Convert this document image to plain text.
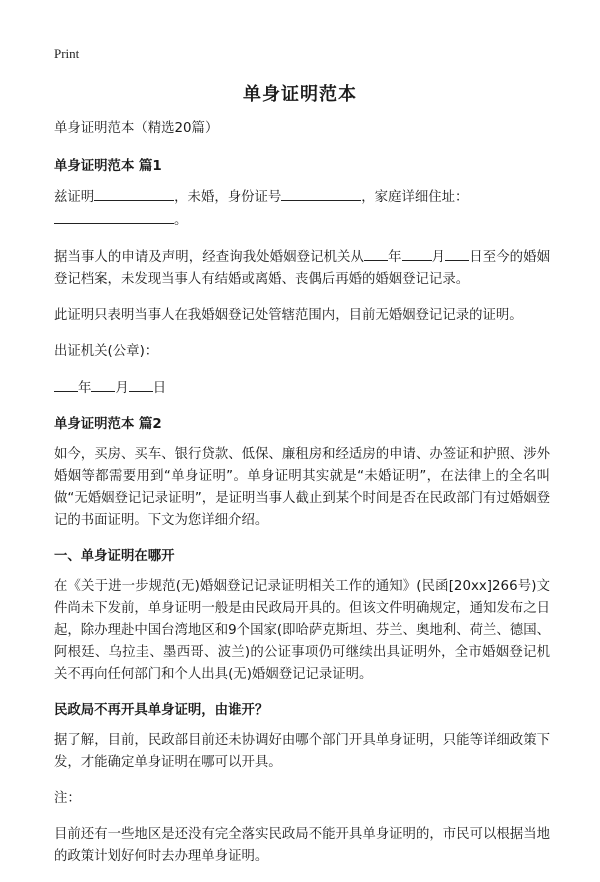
Print
单身证明范本

单身证明范本（精选20篇）

单身证明范本 篇1

兹证明	，未婚，身份证号	，家庭详细住址：
。

据当事人的申请及声明，经查询我处婚姻登记机关从 年 月 日至今的婚姻登记档案，未发现当事人有结婚或离婚、丧偶后再婚的婚姻登记记录。

此证明只表明当事人在我婚姻登记处管辖范围内，目前无婚姻登记记录的证明。

出证机关(公章)：

年 月 日

单身证明范本 篇2

如今，买房、买车、银行贷款、低保、廉租房和经适房的申请、办签证和护照、涉外婚姻等都需要用到“单身证明”。单身证明其实就是“未婚证明”，在法律上的全名叫做“无婚姻登记记录证明”，是证明当事人截止到某个时间是否在民政部门有过婚姻登记的书面证明。下文为您详细介绍。

一、单身证明在哪开

在《关于进一步规范(无)婚姻登记记录证明相关工作的通知》(民函[20xx]266号)文件尚未下发前，单身证明一般是由民政局开具的。但该文件明确规定，通知发布之日起，除办理赴中国台湾地区和9个国家(即哈萨克斯坦、芬兰、奥地利、荷兰、德国、阿根廷、乌拉圭、墨西哥、波兰)的公证事项仍可继续出具证明外，全市婚姻登记机关不再向任何部门和个人出具(无)婚姻登记记录证明。

民政局不再开具单身证明，由谁开？

据了解，目前，民政部目前还未协调好由哪个部门开具单身证明，只能等详细政策下发，才能确定单身证明在哪可以开具。

注：

目前还有一些地区是还没有完全落实民政局不能开具单身证明的，市民可以根据当地的政策计划好何时去办理单身证明。
